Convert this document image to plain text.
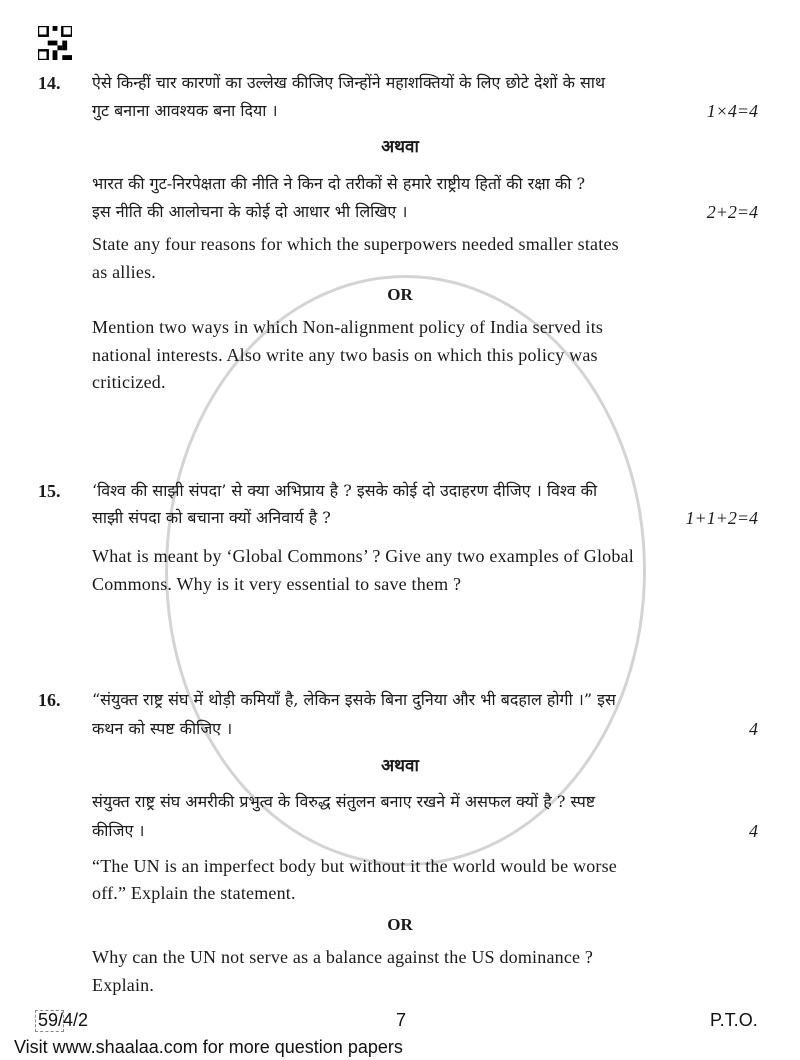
14. ऐसे किन्हीं चार कारणों का उल्लेख कीजिए जिन्होंने महाशक्तियों के लिए छोटे देशों के साथ
गुट बनाना आवश्यक बना दिया ।	1×4=4
अथवा
भारत की गुट-निरपेक्षता की नीति ने किन दो तरीकों से हमारे राष्ट्रीय हितों की रक्षा की ?
इस नीति की आलोचना के कोई दो आधार भी लिखिए ।	2+2=4
State any four reasons for which the superpowers needed smaller states
as allies.
OR
Mention two ways in which Non-alignment policy of India served its
national interests. Also write any two basis on which this policy was
criticized.
15. ‘विश्व की साझी संपदा’ से क्या अभिप्राय है ? इसके कोई दो उदाहरण दीजिए । विश्व की
साझी संपदा को बचाना क्यों अनिवार्य है ?	1+1+2=4
What is meant by ‘Global Commons’ ? Give any two examples of Global
Commons. Why is it very essential to save them ?
16. “संयुक्त राष्ट्र संघ में थोड़ी कमियाँ है, लेकिन इसके बिना दुनिया और भी बदहाल होगी ।” इस
कथन को स्पष्ट कीजिए ।	4
अथवा
संयुक्त राष्ट्र संघ अमरीकी प्रभुत्व के विरुद्ध संतुलन बनाए रखने में असफल क्यों है ? स्पष्ट
कीजिए ।	4
“The UN is an imperfect body but without it the world would be worse
off.” Explain the statement.
OR
Why can the UN not serve as a balance against the US dominance ?
Explain.
59/4/2	7	P.T.O.
Visit www.shaalaa.com for more question papers
